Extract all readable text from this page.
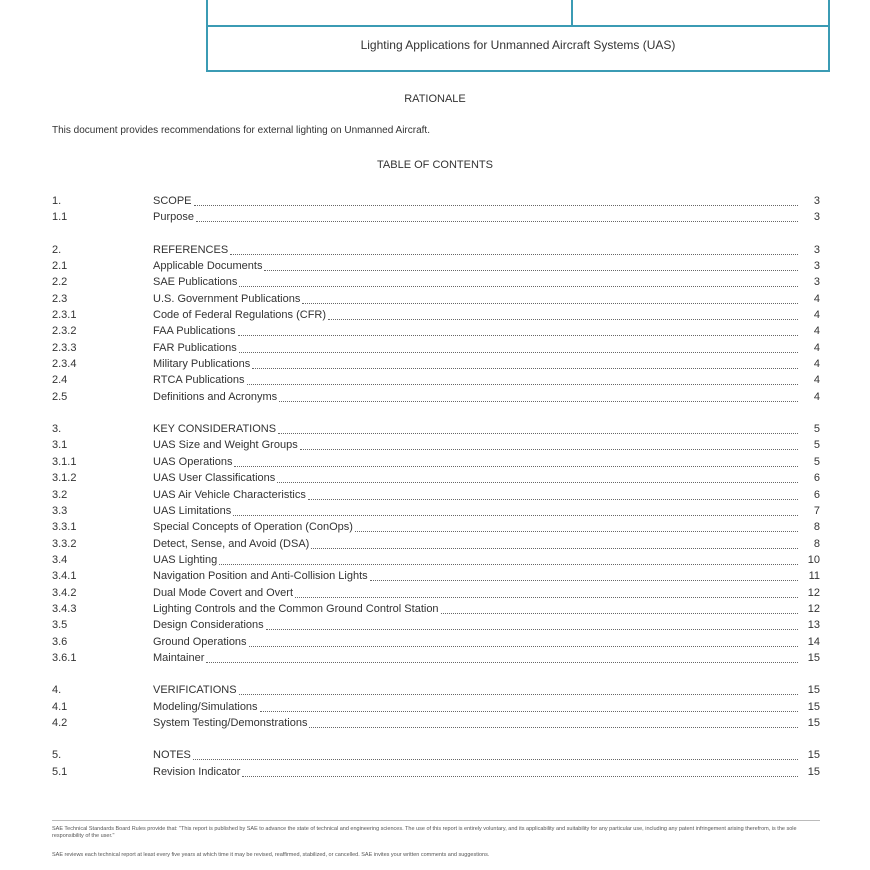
Lighting Applications for Unmanned Aircraft Systems (UAS)
RATIONALE
This document provides recommendations for external lighting on Unmanned Aircraft.
TABLE OF CONTENTS
1.	SCOPE	3
1.1	Purpose	3
2.	REFERENCES	3
2.1	Applicable Documents	3
2.2	SAE Publications	3
2.3	U.S. Government Publications	4
2.3.1	Code of Federal Regulations (CFR)	4
2.3.2	FAA Publications	4
2.3.3	FAR Publications	4
2.3.4	Military Publications	4
2.4	RTCA Publications	4
2.5	Definitions and Acronyms	4
3.	KEY CONSIDERATIONS	5
3.1	UAS Size and Weight Groups	5
3.1.1	UAS Operations	5
3.1.2	UAS User Classifications	6
3.2	UAS Air Vehicle Characteristics	6
3.3	UAS Limitations	7
3.3.1	Special Concepts of Operation (ConOps)	8
3.3.2	Detect, Sense, and Avoid (DSA)	8
3.4	UAS Lighting	10
3.4.1	Navigation Position and Anti-Collision Lights	11
3.4.2	Dual Mode Covert and Overt	12
3.4.3	Lighting Controls and the Common Ground Control Station	12
3.5	Design Considerations	13
3.6	Ground Operations	14
3.6.1	Maintainer	15
4.	VERIFICATIONS	15
4.1	Modeling/Simulations	15
4.2	System Testing/Demonstrations	15
5.	NOTES	15
5.1	Revision Indicator	15
SAE Technical Standards Board Rules provide that: "This report is published by SAE to advance the state of technical and engineering sciences. The use of this report is entirely voluntary, and its applicability and suitability for any particular use, including any patent infringement arising therefrom, is the sole responsibility of the user."
SAE reviews each technical report at least every five years at which time it may be revised, reaffirmed, stabilized, or cancelled. SAE invites your written comments and suggestions.
